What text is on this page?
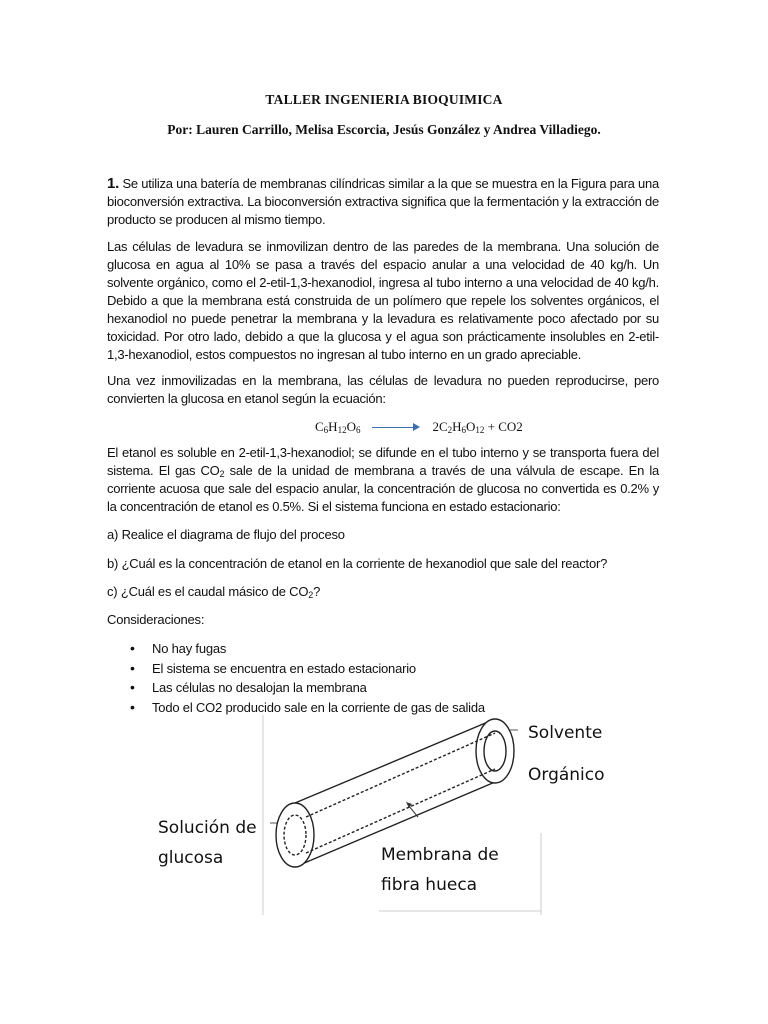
TALLER INGENIERIA BIOQUIMICA
Por: Lauren Carrillo, Melisa Escorcia, Jesús González y Andrea Villadiego.
1. Se utiliza una batería de membranas cilíndricas similar a la que se muestra en la Figura para una bioconversión extractiva. La bioconversión extractiva significa que la fermentación y la extracción de producto se producen al mismo tiempo.
Las células de levadura se inmovilizan dentro de las paredes de la membrana. Una solución de glucosa en agua al 10% se pasa a través del espacio anular a una velocidad de 40 kg/h. Un solvente orgánico, como el 2-etil-1,3-hexanodiol, ingresa al tubo interno a una velocidad de 40 kg/h. Debido a que la membrana está construida de un polímero que repele los solventes orgánicos, el hexanodiol no puede penetrar la membrana y la levadura es relativamente poco afectado por su toxicidad. Por otro lado, debido a que la glucosa y el agua son prácticamente insolubles en 2-etil-1,3-hexanodiol, estos compuestos no ingresan al tubo interno en un grado apreciable.
Una vez inmovilizadas en la membrana, las células de levadura no pueden reproducirse, pero convierten la glucosa en etanol según la ecuación:
$C_6H_{12}O_6$	$2C_2H_6O_{12} + CO2$
El etanol es soluble en 2-etil-1,3-hexanodiol; se difunde en el tubo interno y se transporta fuera del sistema. El gas $CO_2$ sale de la unidad de membrana a través de una válvula de escape. En la corriente acuosa que sale del espacio anular, la concentración de glucosa no convertida es 0.2% y la concentración de etanol es 0.5%. Si el sistema funciona en estado estacionario:
a) Realice el diagrama de flujo del proceso
b) ¿Cuál es la concentración de etanol en la corriente de hexanodiol que sale del reactor?
c) ¿Cuál es el caudal másico de $CO_2$?
Consideraciones:
• No hay fugas
• El sistema se encuentra en estado estacionario
• Las células no desalojan la membrana
• Todo el CO2 producido sale en la corriente de gas de salida
Solvente
Orgánico
Solución de
glucosa	Membrana de
fibra hueca
